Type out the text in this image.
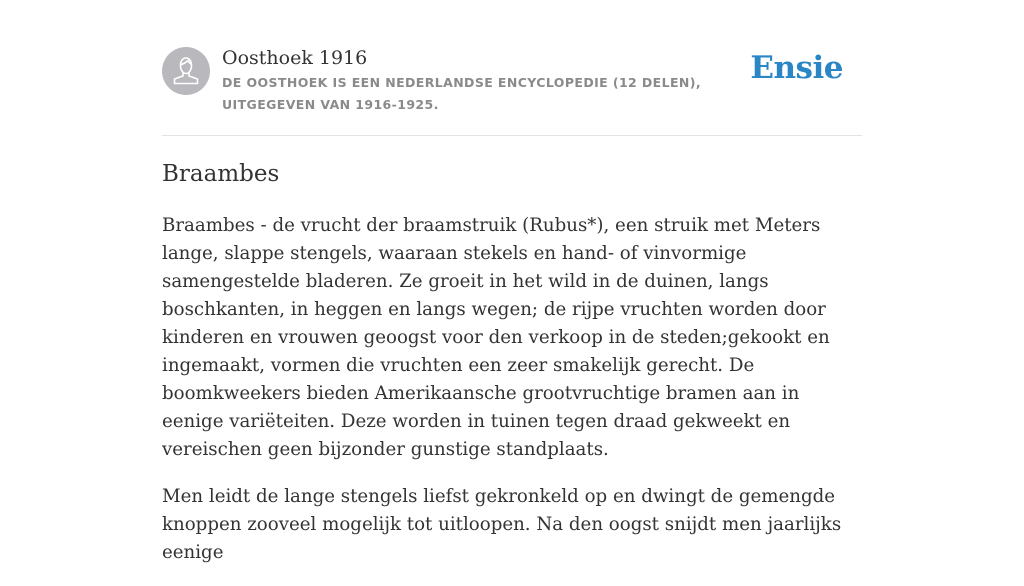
Oosthoek 1916
DE OOSTHOEK IS EEN NEDERLANDSE ENCYCLOPEDIE (12 DELEN), UITGEGEVEN VAN 1916-1925.
Ensie
Braambes

Braambes - de vrucht der braamstruik (Rubus*), een struik met Meters lange, slappe stengels, waaraan stekels en hand- of vinvormige samengestelde bladeren. Ze groeit in het wild in de duinen, langs boschkanten, in heggen en langs wegen; de rijpe vruchten worden door kinderen en vrouwen geoogst voor den verkoop in de steden;gekookt en ingemaakt, vormen die vruchten een zeer smakelijk gerecht. De boomkweekers bieden Amerikaansche grootvruchtige bramen aan in eenige variëteiten. Deze worden in tuinen tegen draad gekweekt en vereischen geen bijzonder gunstige standplaats.

Men leidt de lange stengels liefst gekronkeld op en dwingt de gemengde knoppen zooveel mogelijk tot uitloopen. Na den oogst snijdt men jaarlijks eenige
